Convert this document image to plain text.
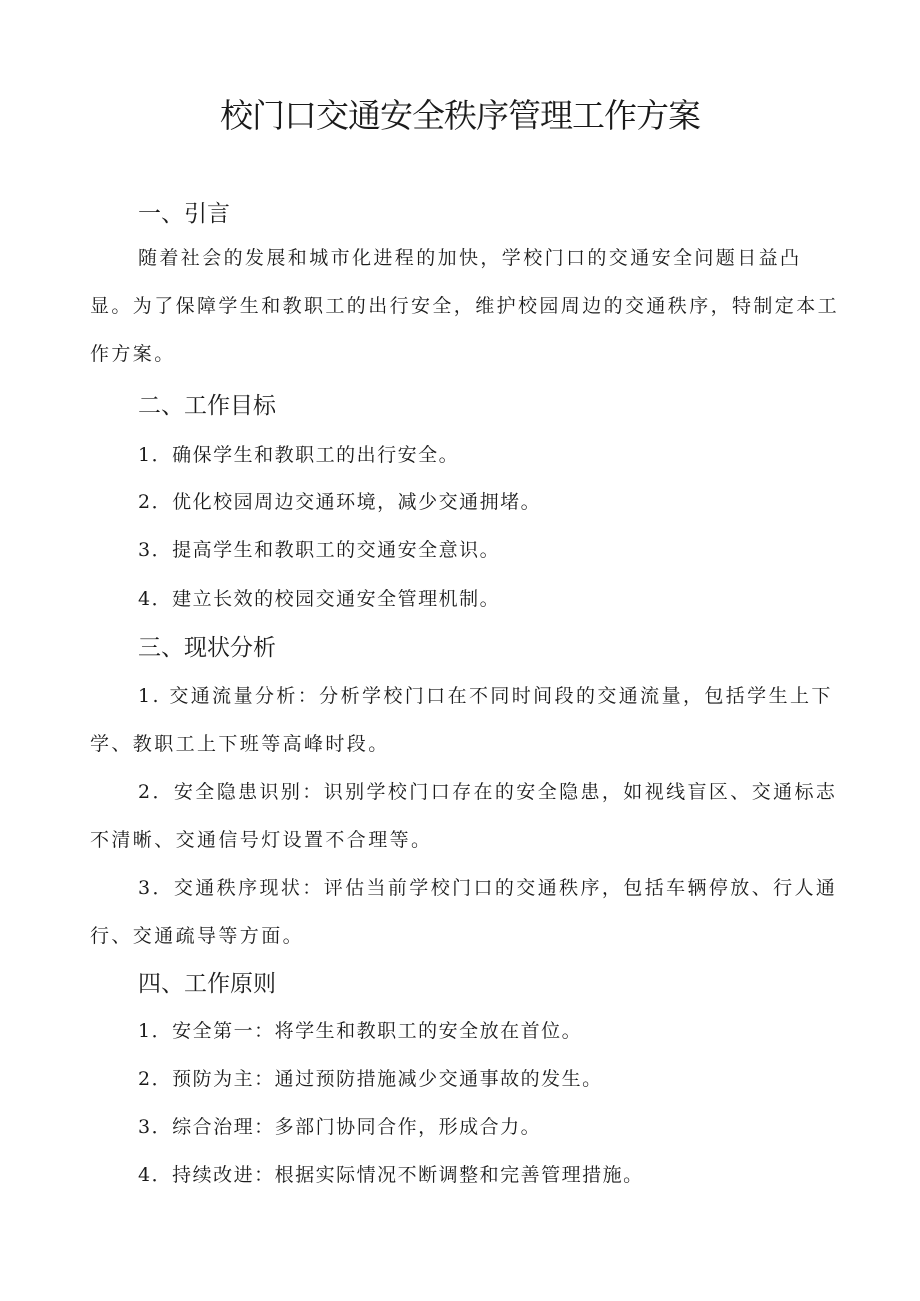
校门口交通安全秩序管理工作方案
一、引言

随着社会的发展和城市化进程的加快，学校门口的交通安全问题日益凸显。为了保障学生和教职工的出行安全，维护校园周边的交通秩序，特制定本工作方案。

二、工作目标

1．确保学生和教职工的出行安全。

2．优化校园周边交通环境，减少交通拥堵。

3．提高学生和教职工的交通安全意识。

4．建立长效的校园交通安全管理机制。

三、现状分析

1. 交通流量分析：分析学校门口在不同时间段的交通流量，包括学生上下学、教职工上下班等高峰时段。

2．安全隐患识别：识别学校门口存在的安全隐患，如视线盲区、交通标志不清晰、交通信号灯设置不合理等。

3．交通秩序现状：评估当前学校门口的交通秩序，包括车辆停放、行人通行、交通疏导等方面。

四、工作原则

1．安全第一：将学生和教职工的安全放在首位。

2．预防为主：通过预防措施减少交通事故的发生。

3．综合治理：多部门协同合作，形成合力。

4．持续改进：根据实际情况不断调整和完善管理措施。
